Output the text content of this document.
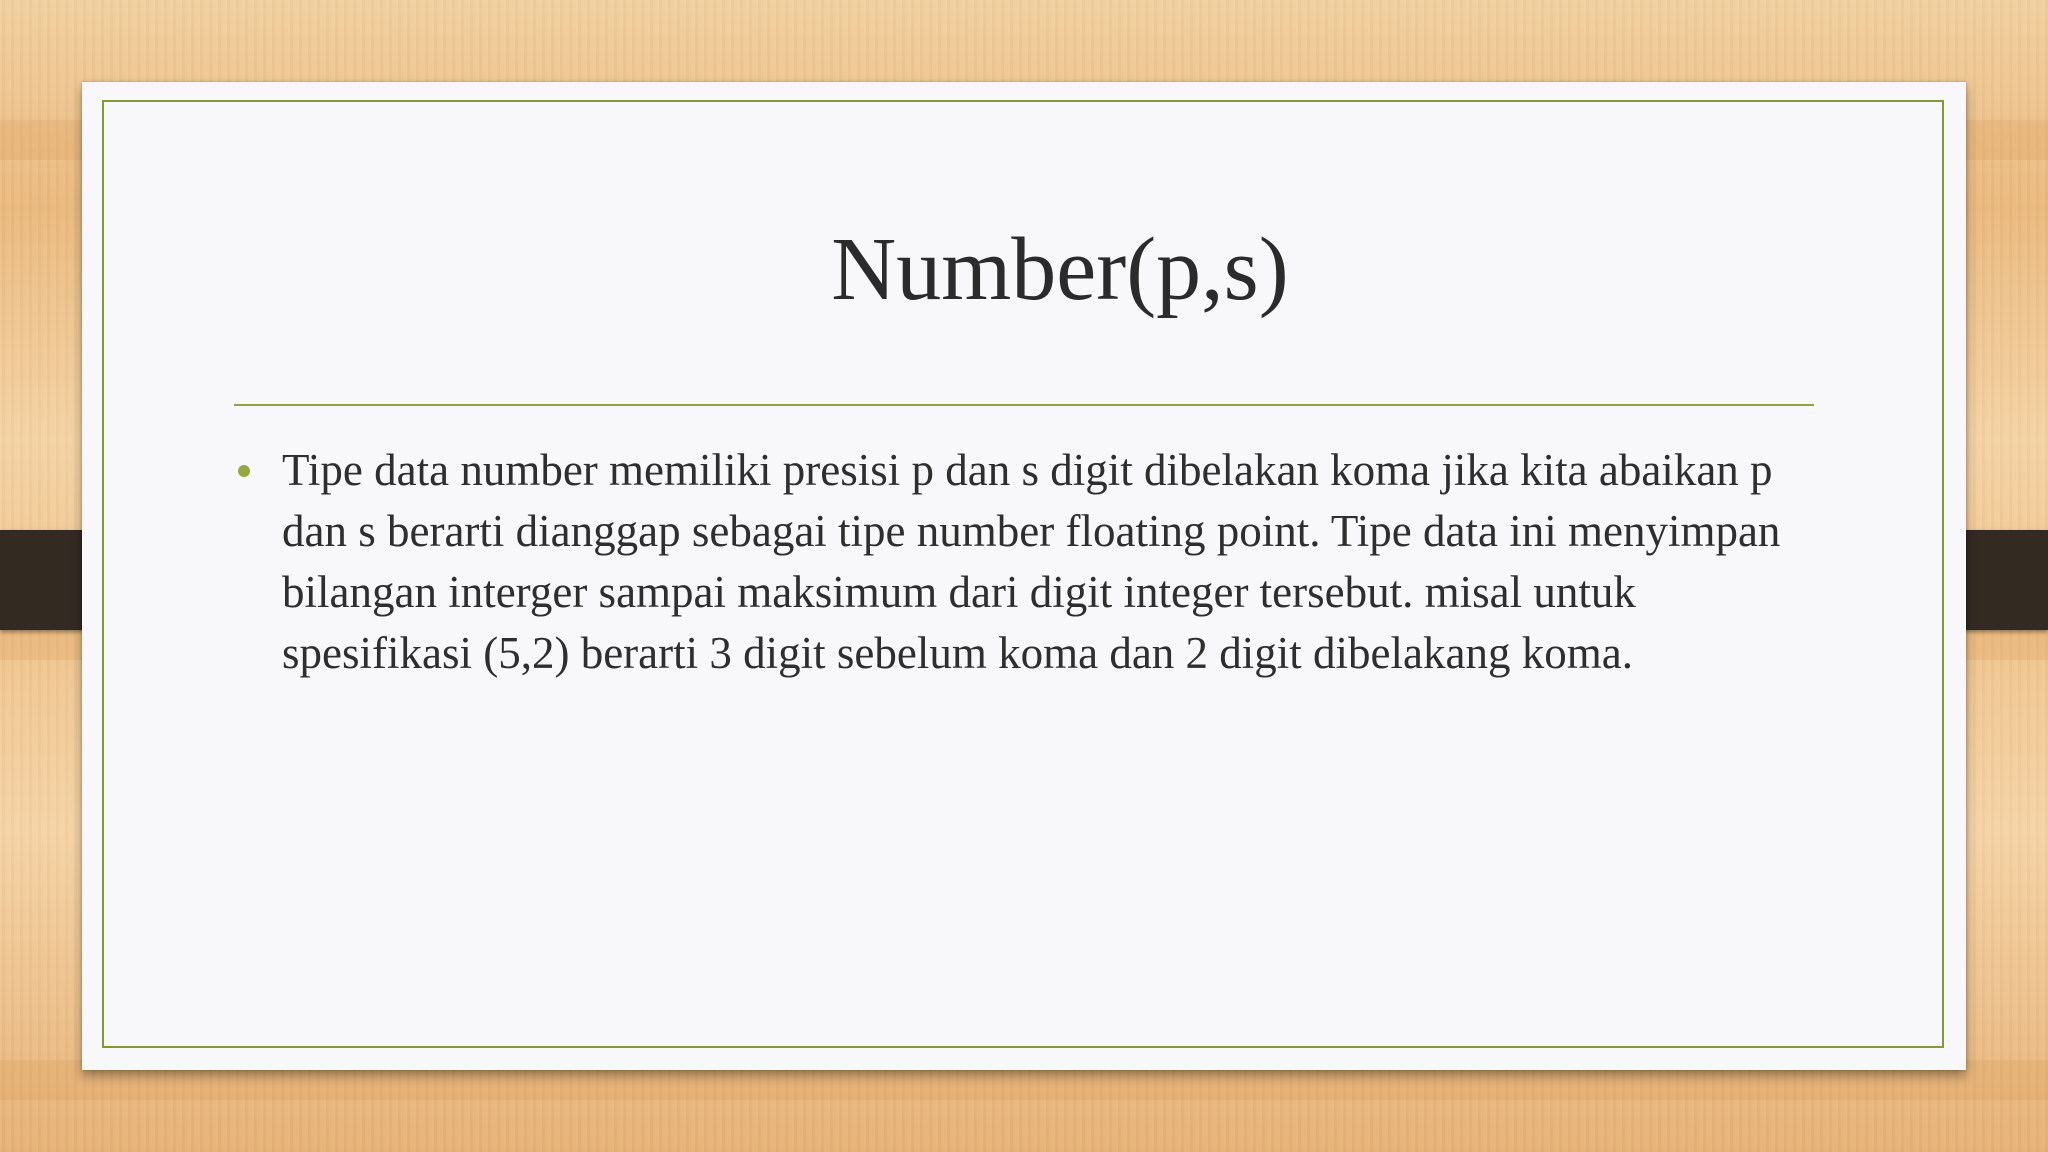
Number(p,s)
Tipe data number memiliki presisi p dan s digit dibelakan koma jika kita abaikan p dan s berarti dianggap sebagai tipe number floating point. Tipe data ini menyimpan bilangan interger sampai maksimum dari digit integer tersebut. misal untuk spesifikasi (5,2) berarti 3 digit sebelum koma dan 2 digit dibelakang koma.
